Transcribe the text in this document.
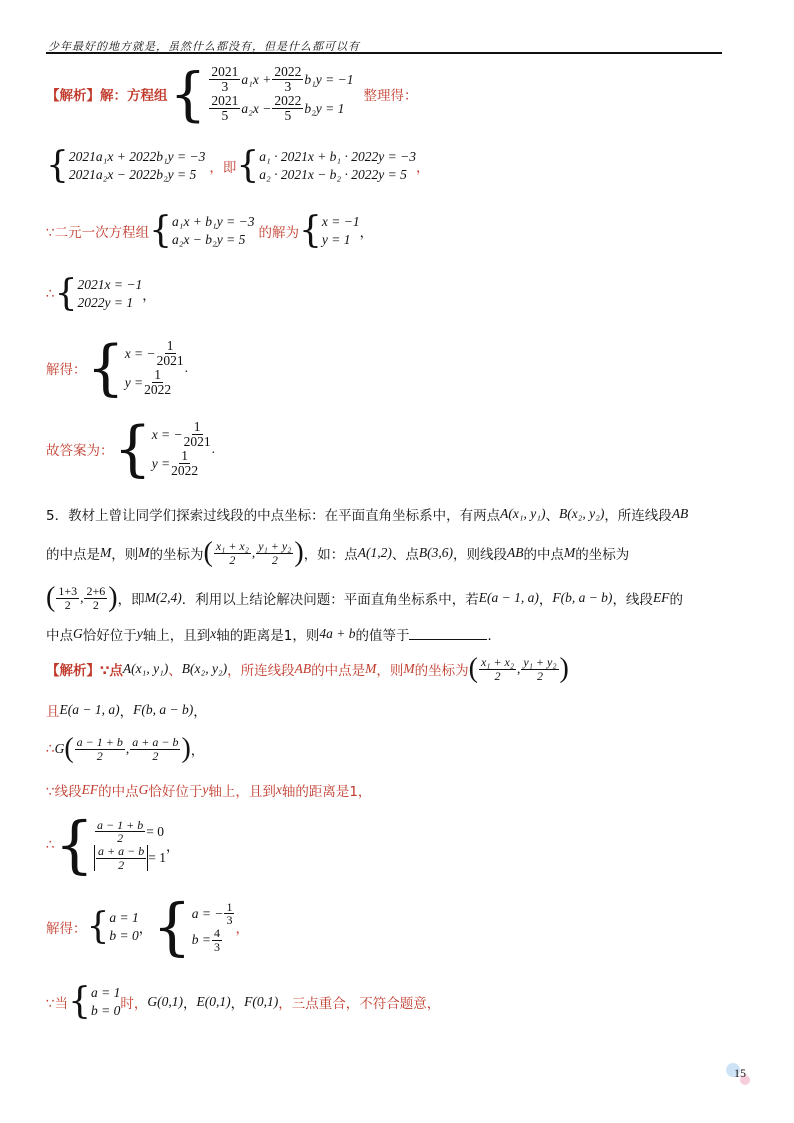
少年最好的地方就是，虽然什么都没有，但是什么都可以有
【解析】解：方程组 { $\frac{2021}{3} a_1x + \frac{2022}{3} b_1y = -1$
$\frac{2021}{5} a_2x - \frac{2022}{5} b_2y = 1$
整理得：
{ 2021a₁x + 2022b₁y = −3
2021a₂x − 2022b₂y = 5 ，即 { a₁ · 2021x + b₁ · 2022y = −3
a₂ · 2021x − b₂ · 2022y = 5 ，
∵二元一次方程组 { a₁x + b₁y = −3
a₂x − b₂y = 5 的解为 { x = −1
y = 1 ，
∴ { 2021x = −1
2022y = 1 ，
解得： { x = − $\frac{1}{2021}$
$y = \frac{1}{2022}$
.
故答案为： { x = − $\frac{1}{2021}$
$y = \frac{1}{2022}$
.
5．教材上曾让同学们探索过线段的中点坐标：在平面直角坐标系中，有两点 A(x₁, y₁) 、 B(x₂, y₂) ，所连线段 AB
的中点是 M ，则 M 的坐标为 ( $\frac{\text{x₁ + x₂}}{2}$ , $\frac{\text{y₁ + y₂}}{2}$ ) ，如：点 A(1,2) 、点 B(3,6) ，则线段 AB 的中点 M 的坐标为
( $\frac{1+3}{2}$ , $\frac{2+6}{2}$ ) ，即 M(2,4) ．利用以上结论解决问题：平面直角坐标系中，若 E(a − 1, a) ， F(b, a − b) ，线段 EF 的
中点 G 恰好位于 y 轴上，且到 x 轴的距离是1，则 4a + b 的值等于	．
【解析】∵点 A(x₁, y₁) 、 B(x₂, y₂) ，所连线段 AB 的中点是 M ，则 M 的坐标为 ( $\frac{\text{x₁ + x₂}}{2}$ , $\frac{\text{y₁ + y₂}}{2}$ )
且 E(a − 1, a) ， F(b, a − b) ，
∴ G ( $\frac{a - 1 + b}{2}$ , $\frac{a + a - b}{2}$ ) ，
∵线段 EF 的中点 G 恰好位于 y 轴上，且到 x 轴的距离是1，
∴ { $\frac{a - 1 + b}{2} = 0$
$\frac{a + a - b}{2} = 1$
，
解得： { a = 1
b = 0 ， { a = − $\frac{1}{3}$
$b = \frac{4}{3}$ ，
∵当 { a = 1
b = 0 时， G(0,1) ， E(0,1) ， F(0,1) ，三点重合，不符合题意，
15
